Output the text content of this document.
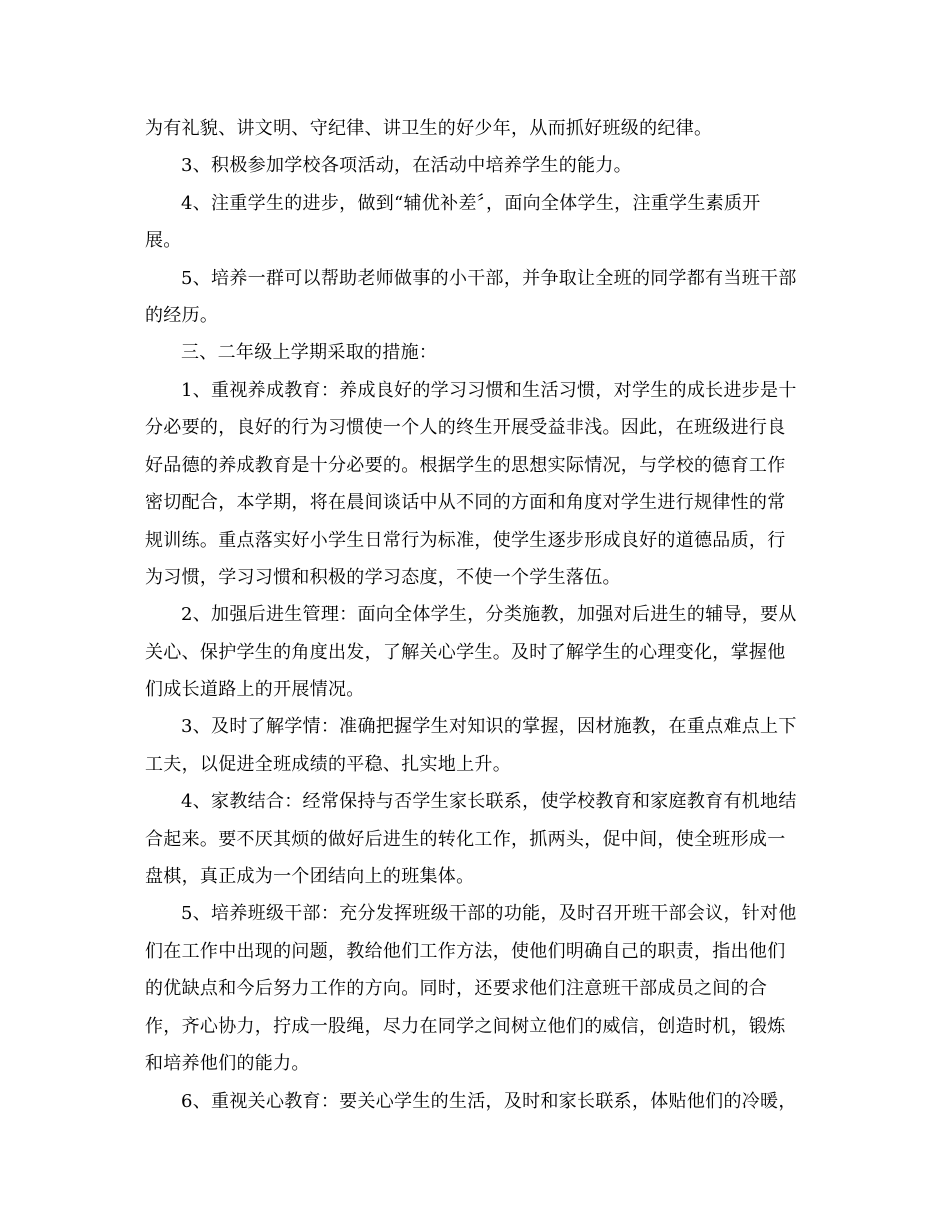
为有礼貌、讲文明、守纪律、讲卫生的好少年，从而抓好班级的纪律。
3、积极参加学校各项活动，在活动中培养学生的能力。
4、注重学生的进步，做到“辅优补差〞，面向全体学生，注重学生素质开
展。
5、培养一群可以帮助老师做事的小干部，并争取让全班的同学都有当班干部
的经历。
三、二年级上学期采取的措施：
1、重视养成教育：养成良好的学习习惯和生活习惯，对学生的成长进步是十
分必要的，良好的行为习惯使一个人的终生开展受益非浅。因此，在班级进行良
好品德的养成教育是十分必要的。根据学生的思想实际情况，与学校的德育工作
密切配合，本学期，将在晨间谈话中从不同的方面和角度对学生进行规律性的常
规训练。重点落实好小学生日常行为标准，使学生逐步形成良好的道德品质，行
为习惯，学习习惯和积极的学习态度，不使一个学生落伍。
2、加强后进生管理：面向全体学生，分类施教，加强对后进生的辅导，要从
关心、保护学生的角度出发，了解关心学生。及时了解学生的心理变化，掌握他
们成长道路上的开展情况。
3、及时了解学情：准确把握学生对知识的掌握，因材施教，在重点难点上下
工夫，以促进全班成绩的平稳、扎实地上升。
4、家教结合：经常保持与否学生家长联系，使学校教育和家庭教育有机地结
合起来。要不厌其烦的做好后进生的转化工作，抓两头，促中间，使全班形成一
盘棋，真正成为一个团结向上的班集体。
5、培养班级干部：充分发挥班级干部的功能，及时召开班干部会议，针对他
们在工作中出现的问题，教给他们工作方法，使他们明确自己的职责，指出他们
的优缺点和今后努力工作的方向。同时，还要求他们注意班干部成员之间的合
作，齐心协力，拧成一股绳，尽力在同学之间树立他们的威信，创造时机，锻炼
和培养他们的能力。
6、重视关心教育：要关心学生的生活，及时和家长联系，体贴他们的冷暖，
